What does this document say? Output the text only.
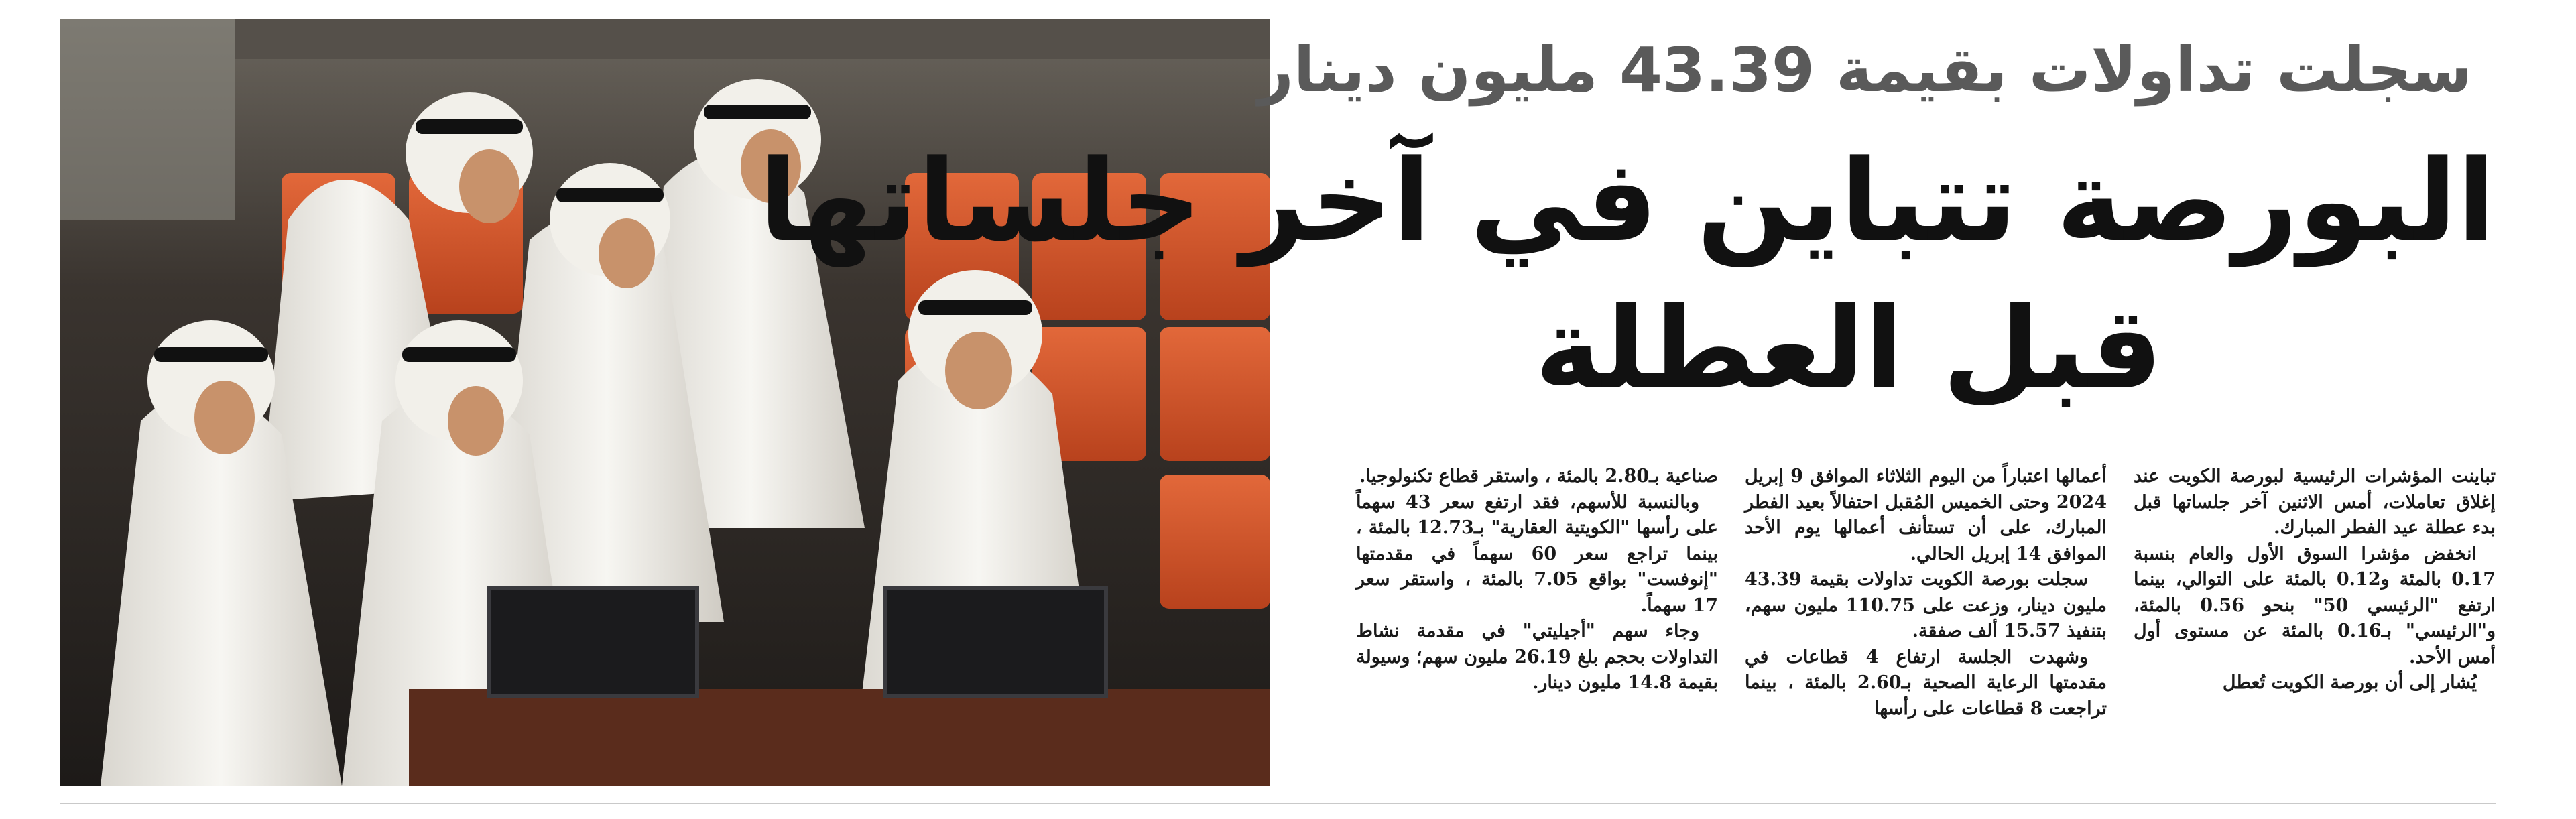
سجلت تداولات بقيمة 43.39 مليون دينار
البورصة تتباين في آخر جلساتها
قبل العطلة

تباينت المؤشرات الرئيسية لبورصة الكويت عند إغلاق تعاملات، أمس الاثنين آخر جلساتها قبل بدء عطلة عيد الفطر المبارك.

انخفض مؤشرا السوق الأول والعام بنسبة 0.17 بالمئة و0.12 بالمئة على التوالي، بينما ارتفع "الرئيسي 50" بنحو 0.56 بالمئة، و"الرئيسي" بـ0.16 بالمئة عن مستوى أول أمس الأحد.

يُشار إلى أن بورصة الكويت تُعطل

أعمالها اعتباراً من اليوم الثلاثاء الموافق 9 إبريل 2024 وحتى الخميس المُقبل احتفالاً بعيد الفطر المبارك، على أن تستأنف أعمالها يوم الأحد الموافق 14 إبريل الحالي.

سجلت بورصة الكويت تداولات بقيمة 43.39 مليون دينار، وزعت على 110.75 مليون سهم، بتنفيذ 15.57 ألف صفقة.

وشهدت الجلسة ارتفاع 4 قطاعات في مقدمتها الرعاية الصحية بـ2.60 بالمئة ، بينما تراجعت 8 قطاعات على رأسها

صناعية بـ2.80 بالمئة ، واستقر قطاع تكنولوجيا.

وبالنسبة للأسهم، فقد ارتفع سعر 43 سهماً على رأسها "الكويتية العقارية" بـ12.73 بالمئة ، بينما تراجع سعر 60 سهماً في مقدمتها "إنوفست" بواقع 7.05 بالمئة ، واستقر سعر 17 سهماً.

وجاء سهم "أجيليتي" في مقدمة نشاط التداولات بحجم بلغ 26.19 مليون سهم؛ وسيولة بقيمة 14.8 مليون دينار.
